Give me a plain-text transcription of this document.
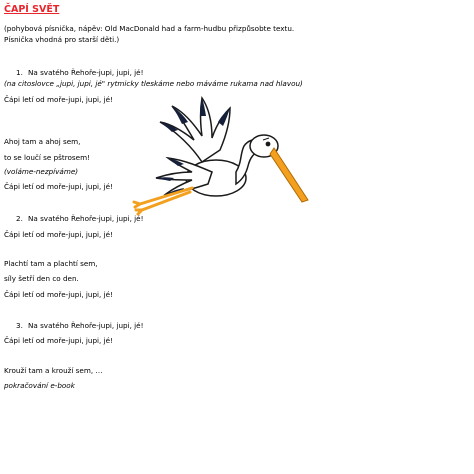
ČAPÍ SVĚT
(pohybová písnička, nápěv: Old MacDonald had a farm-hudbu přizpůsobte textu.
Písnička vhodná pro starší děti.)
1. Na svatého Řehoře-jupi, jupi, jé!
(na citoslovce „jupi, jupi, jé" rytmicky tleskáme nebo máváme rukama nad hlavou)
Čápi letí od moře-jupi, jupi, jé!
Ahoj tam a ahoj sem,
to se loučí se pštrosem!
(voláme-nezpíváme)
Čápi letí od moře-jupi, jupi, jé!
2. Na svatého Řehoře-jupi, jupi, jé!
Čápi letí od moře-jupi, jupi, jé!
Plachtí tam a plachtí sem,
síly šetří den co den.
Čápi letí od moře-jupi, jupi, jé!
3. Na svatého Řehoře-jupi, jupi, jé!
Čápi letí od moře-jupi, jupi, jé!
Krouží tam a krouží sem, …
pokračování e-book
